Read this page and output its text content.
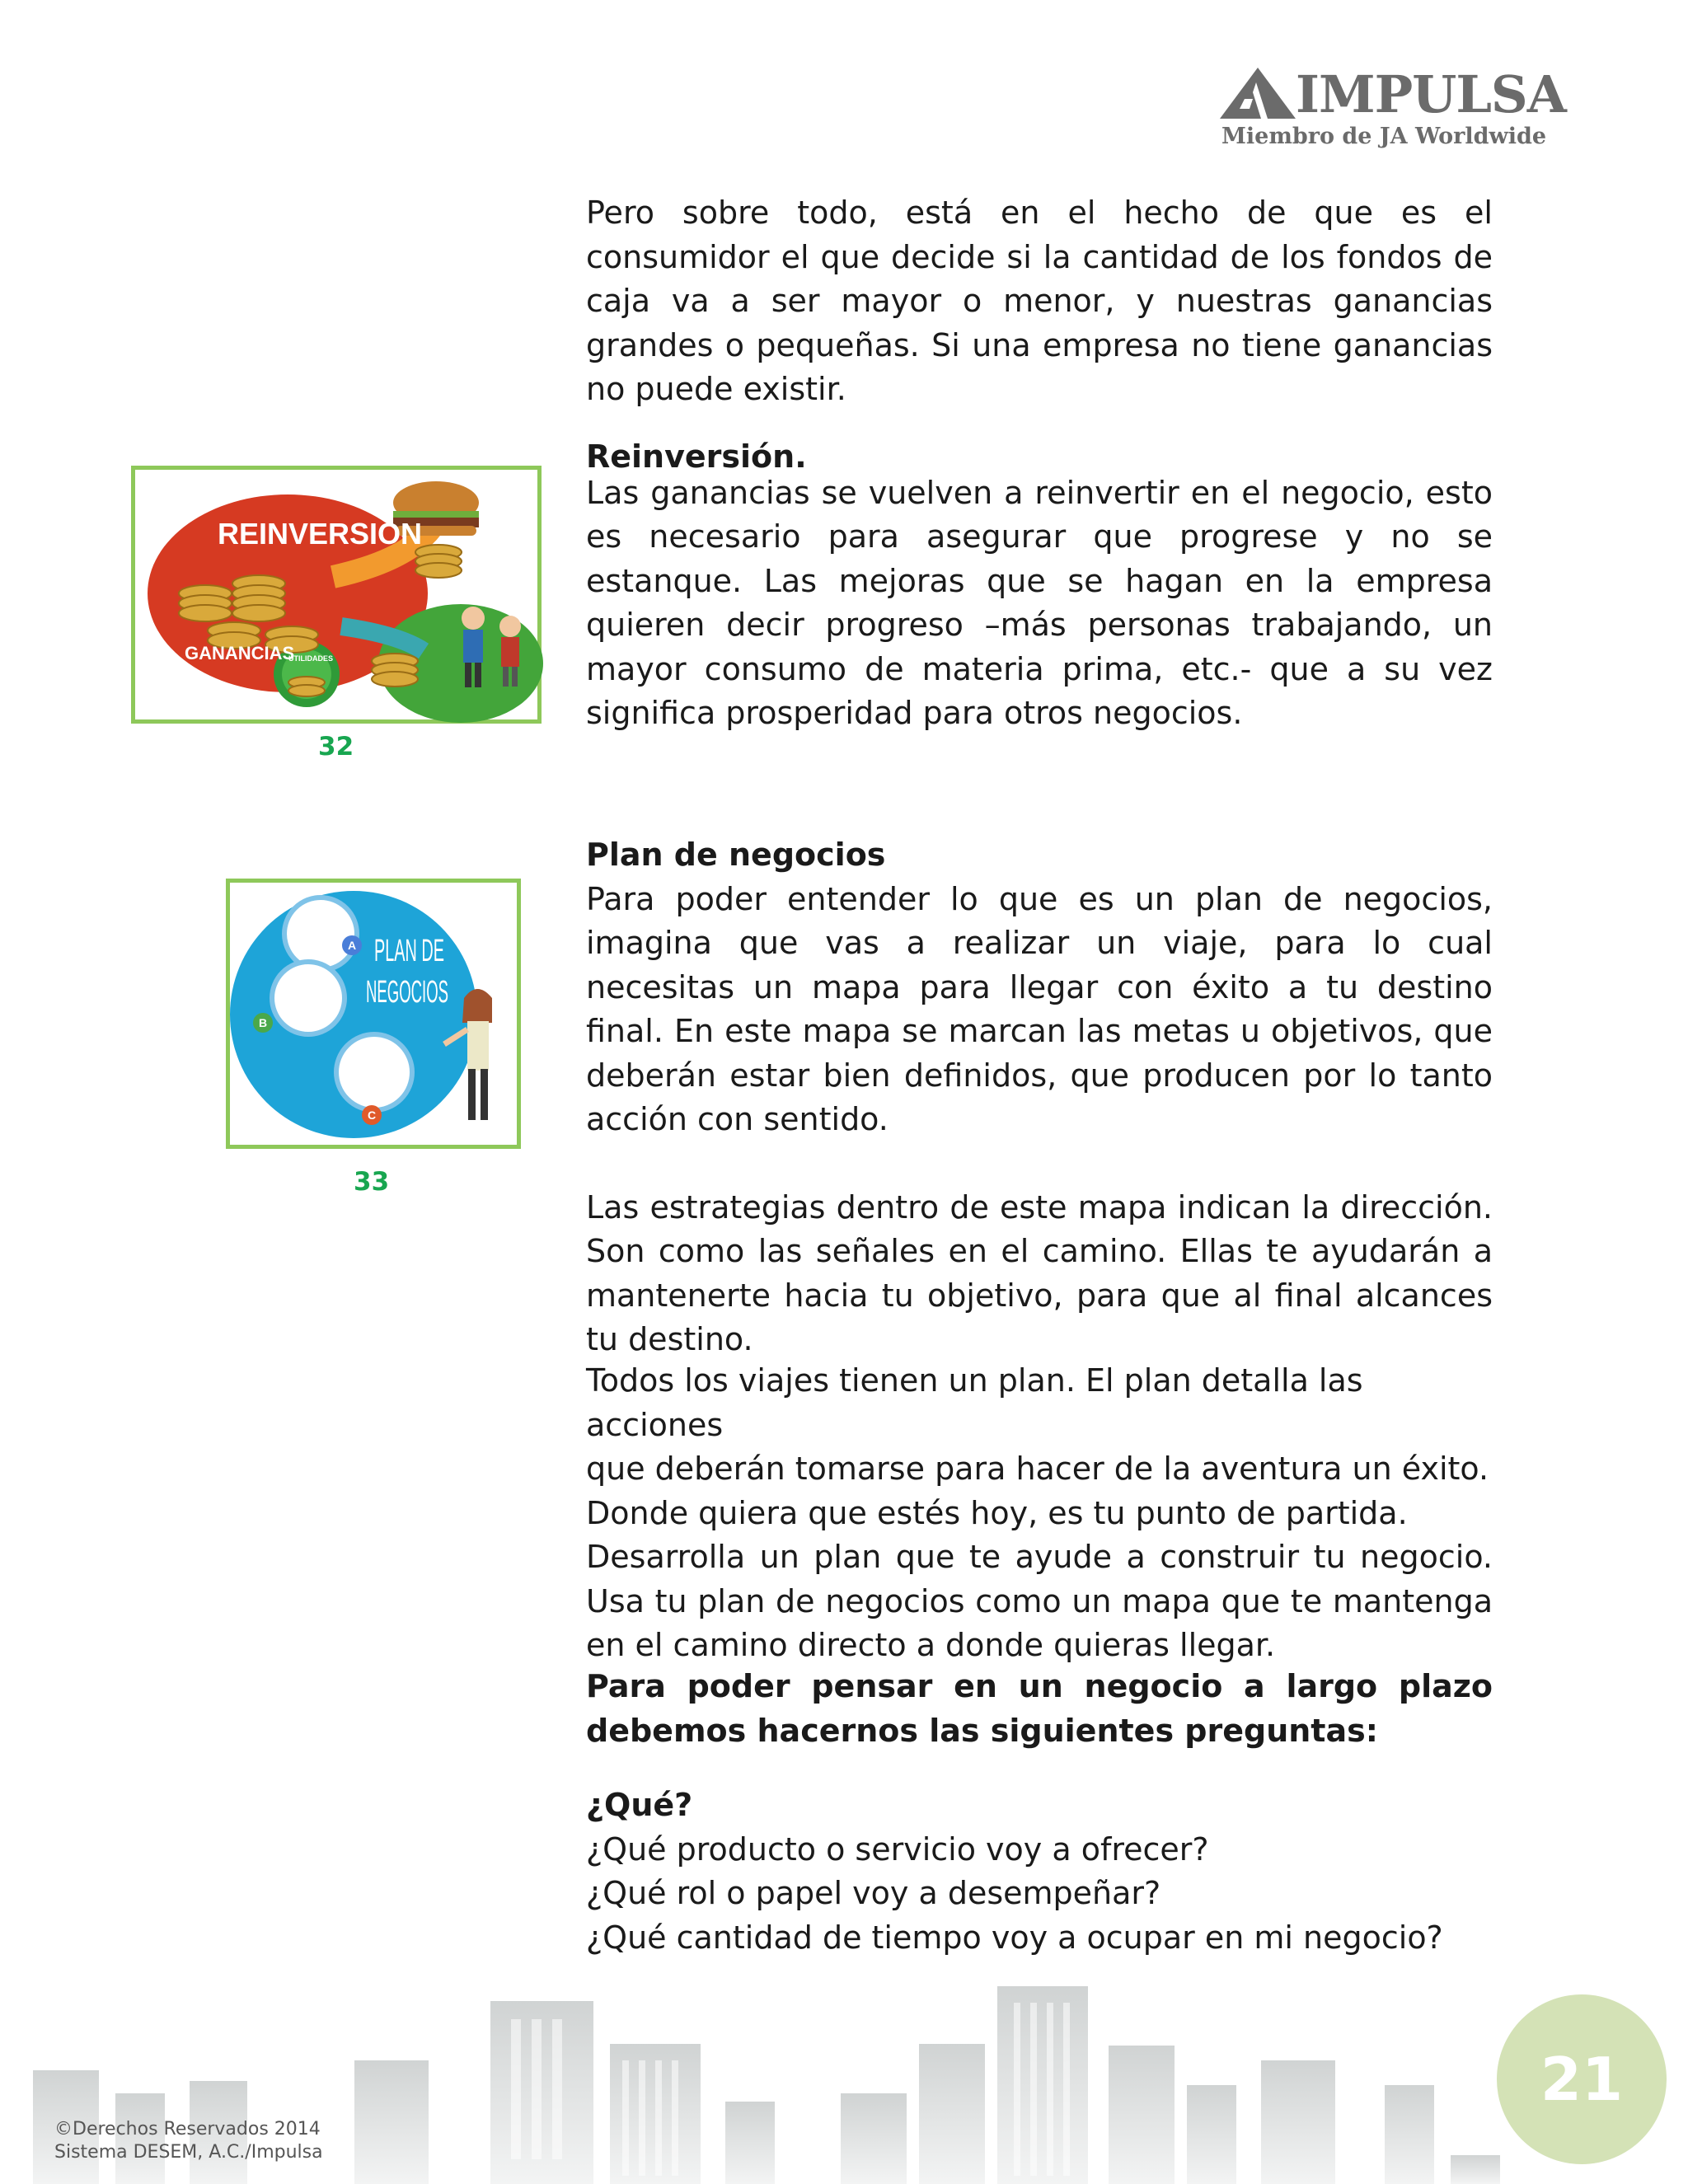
IMPULSA
Miembro de JA Worldwide

Pero sobre todo, está en el hecho de que es el consumidor el que decide si la cantidad de los fondos de caja va a ser mayor o menor, y nuestras ganancias grandes o pequeñas. Si una empresa no tiene ganancias no puede existir.

Reinversión.

Las ganancias se vuelven a reinvertir en el negocio, esto es necesario para asegurar que progrese y no se estanque. Las mejoras que se hagan en la empresa quieren decir progreso –más personas trabajando, un mayor consumo de materia prima, etc.- que a su vez significa prosperidad para otros negocios.

REINVERSION
GANANCIAS
UTILIDADES
32

Plan de negocios

Para poder entender lo que es un plan de negocios, imagina que vas a realizar un viaje, para lo cual necesitas un mapa para llegar con éxito a tu destino final. En este mapa se marcan las metas u objetivos, que deberán estar bien definidos, que producen por lo tanto acción con sentido.

Las estrategias dentro de este mapa indican la dirección. Son como las señales en el camino. Ellas te ayudarán a mantenerte hacia tu objetivo, para que al final alcances tu destino.

Todos los viajes tienen un plan. El plan detalla las acciones
que deberán tomarse para hacer de la aventura un éxito.
Donde quiera que estés hoy, es tu punto de partida.

Desarrolla un plan que te ayude a construir tu negocio. Usa tu plan de negocios como un mapa que te mantenga en el camino directo a donde quieras llegar.

Para poder pensar en un negocio a largo plazo debemos hacernos las siguientes preguntas:

¿Qué?
¿Qué producto o servicio voy a ofrecer?
¿Qué rol o papel voy a desempeñar?
¿Qué cantidad de tiempo voy a ocupar en mi negocio?
A
B
C
PLAN DE
NEGOCIOS
33
©Derechos Reservados 2014
Sistema DESEM, A.C./Impulsa
21
